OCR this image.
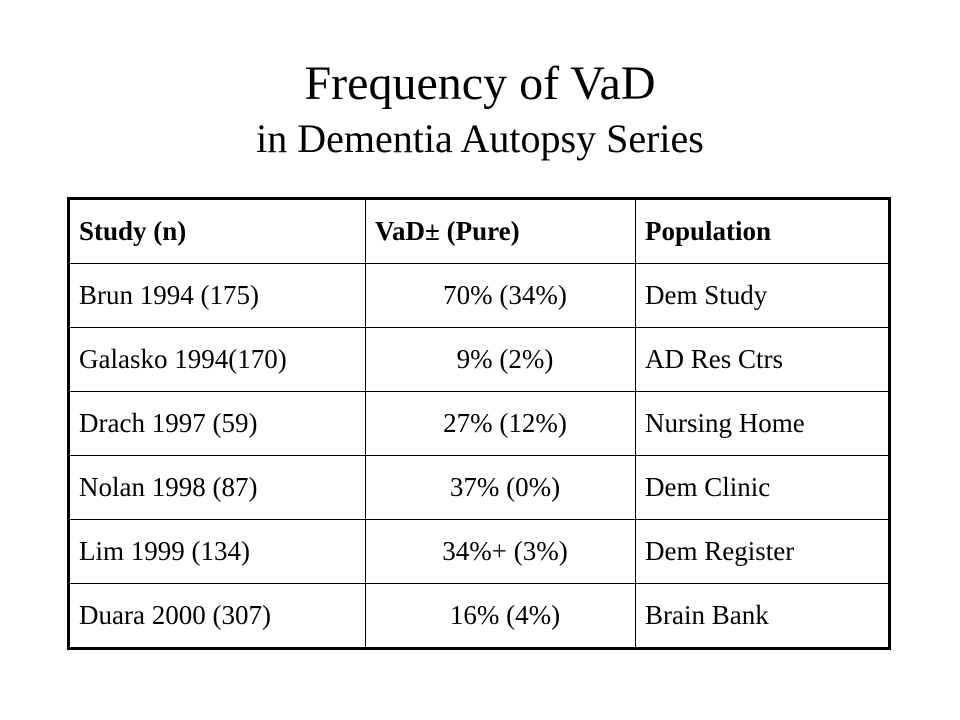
Frequency of VaD
in Dementia Autopsy Series
Study (n)	VaD± (Pure)	Population
Brun 1994 (175)	70% (34%)	Dem Study
Galasko 1994(170)	9% (2%)	AD Res Ctrs
Drach 1997 (59)	27% (12%)	Nursing Home
Nolan 1998 (87)	37% (0%)	Dem Clinic
Lim 1999 (134)	34%+ (3%)	Dem Register
Duara 2000 (307)	16% (4%)	Brain Bank
